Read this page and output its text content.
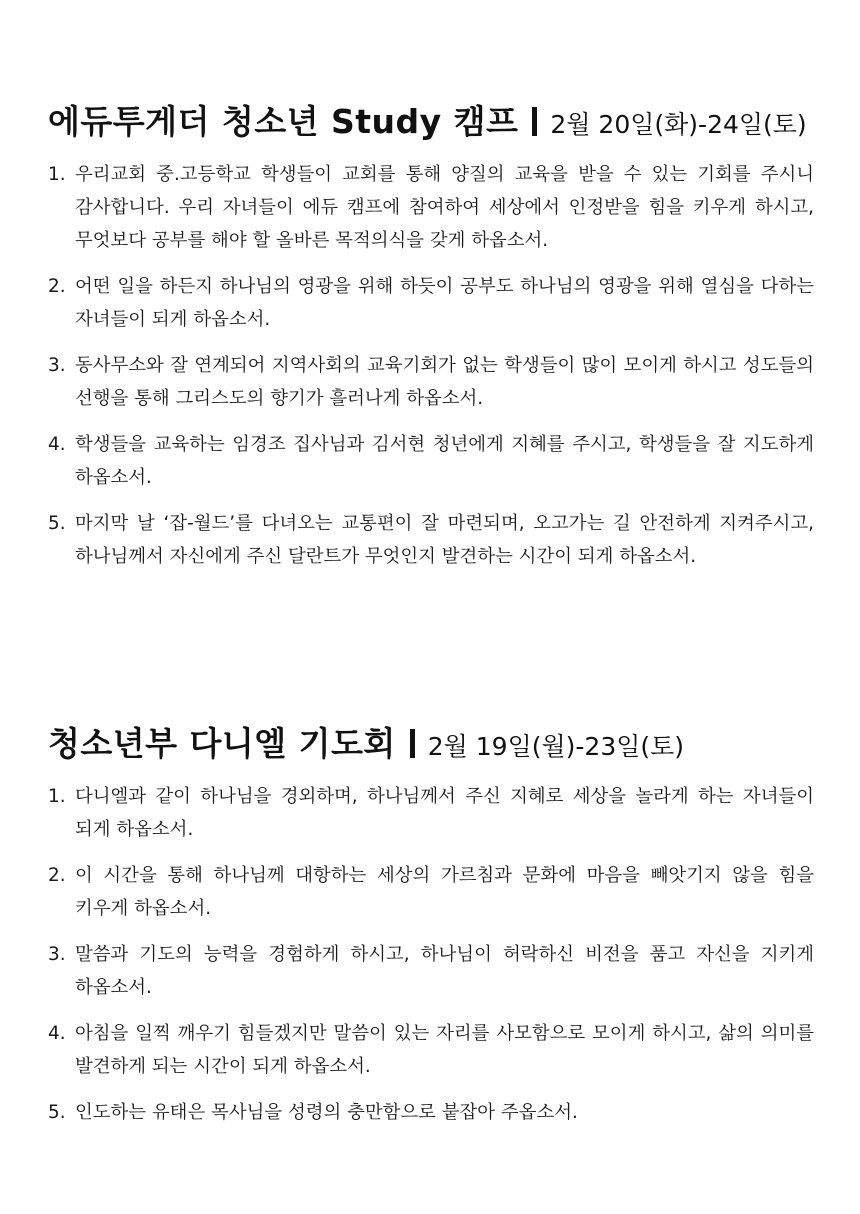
에듀투게더 청소년 Study 캠프 2월 20일(화)-24일(토)
1. 우리교회 중.고등학교 학생들이 교회를 통해 양질의 교육을 받을 수 있는 기회를 주시니 감사합니다. 우리 자녀들이 에듀 캠프에 참여하여 세상에서 인정받을 힘을 키우게 하시고, 무엇보다 공부를 해야 할 올바른 목적의식을 갖게 하옵소서.
2. 어떤 일을 하든지 하나님의 영광을 위해 하듯이 공부도 하나님의 영광을 위해 열심을 다하는 자녀들이 되게 하옵소서.
3. 동사무소와 잘 연계되어 지역사회의 교육기회가 없는 학생들이 많이 모이게 하시고 성도들의 선행을 통해 그리스도의 향기가 흘러나게 하옵소서.
4. 학생들을 교육하는 임경조 집사님과 김서현 청년에게 지혜를 주시고, 학생들을 잘 지도하게 하옵소서.
5. 마지막 날 ‘잡-월드’를 다녀오는 교통편이 잘 마련되며, 오고가는 길 안전하게 지켜주시고, 하나님께서 자신에게 주신 달란트가 무엇인지 발견하는 시간이 되게 하옵소서.
청소년부 다니엘 기도회 2월 19일(월)-23일(토)
1. 다니엘과 같이 하나님을 경외하며, 하나님께서 주신 지혜로 세상을 놀라게 하는 자녀들이 되게 하옵소서.
2. 이 시간을 통해 하나님께 대항하는 세상의 가르침과 문화에 마음을 빼앗기지 않을 힘을 키우게 하옵소서.
3. 말씀과 기도의 능력을 경험하게 하시고, 하나님이 허락하신 비전을 품고 자신을 지키게 하옵소서.
4. 아침을 일찍 깨우기 힘들겠지만 말씀이 있는 자리를 사모함으로 모이게 하시고, 삶의 의미를 발견하게 되는 시간이 되게 하옵소서.
5. 인도하는 유태은 목사님을 성령의 충만함으로 붙잡아 주옵소서.
